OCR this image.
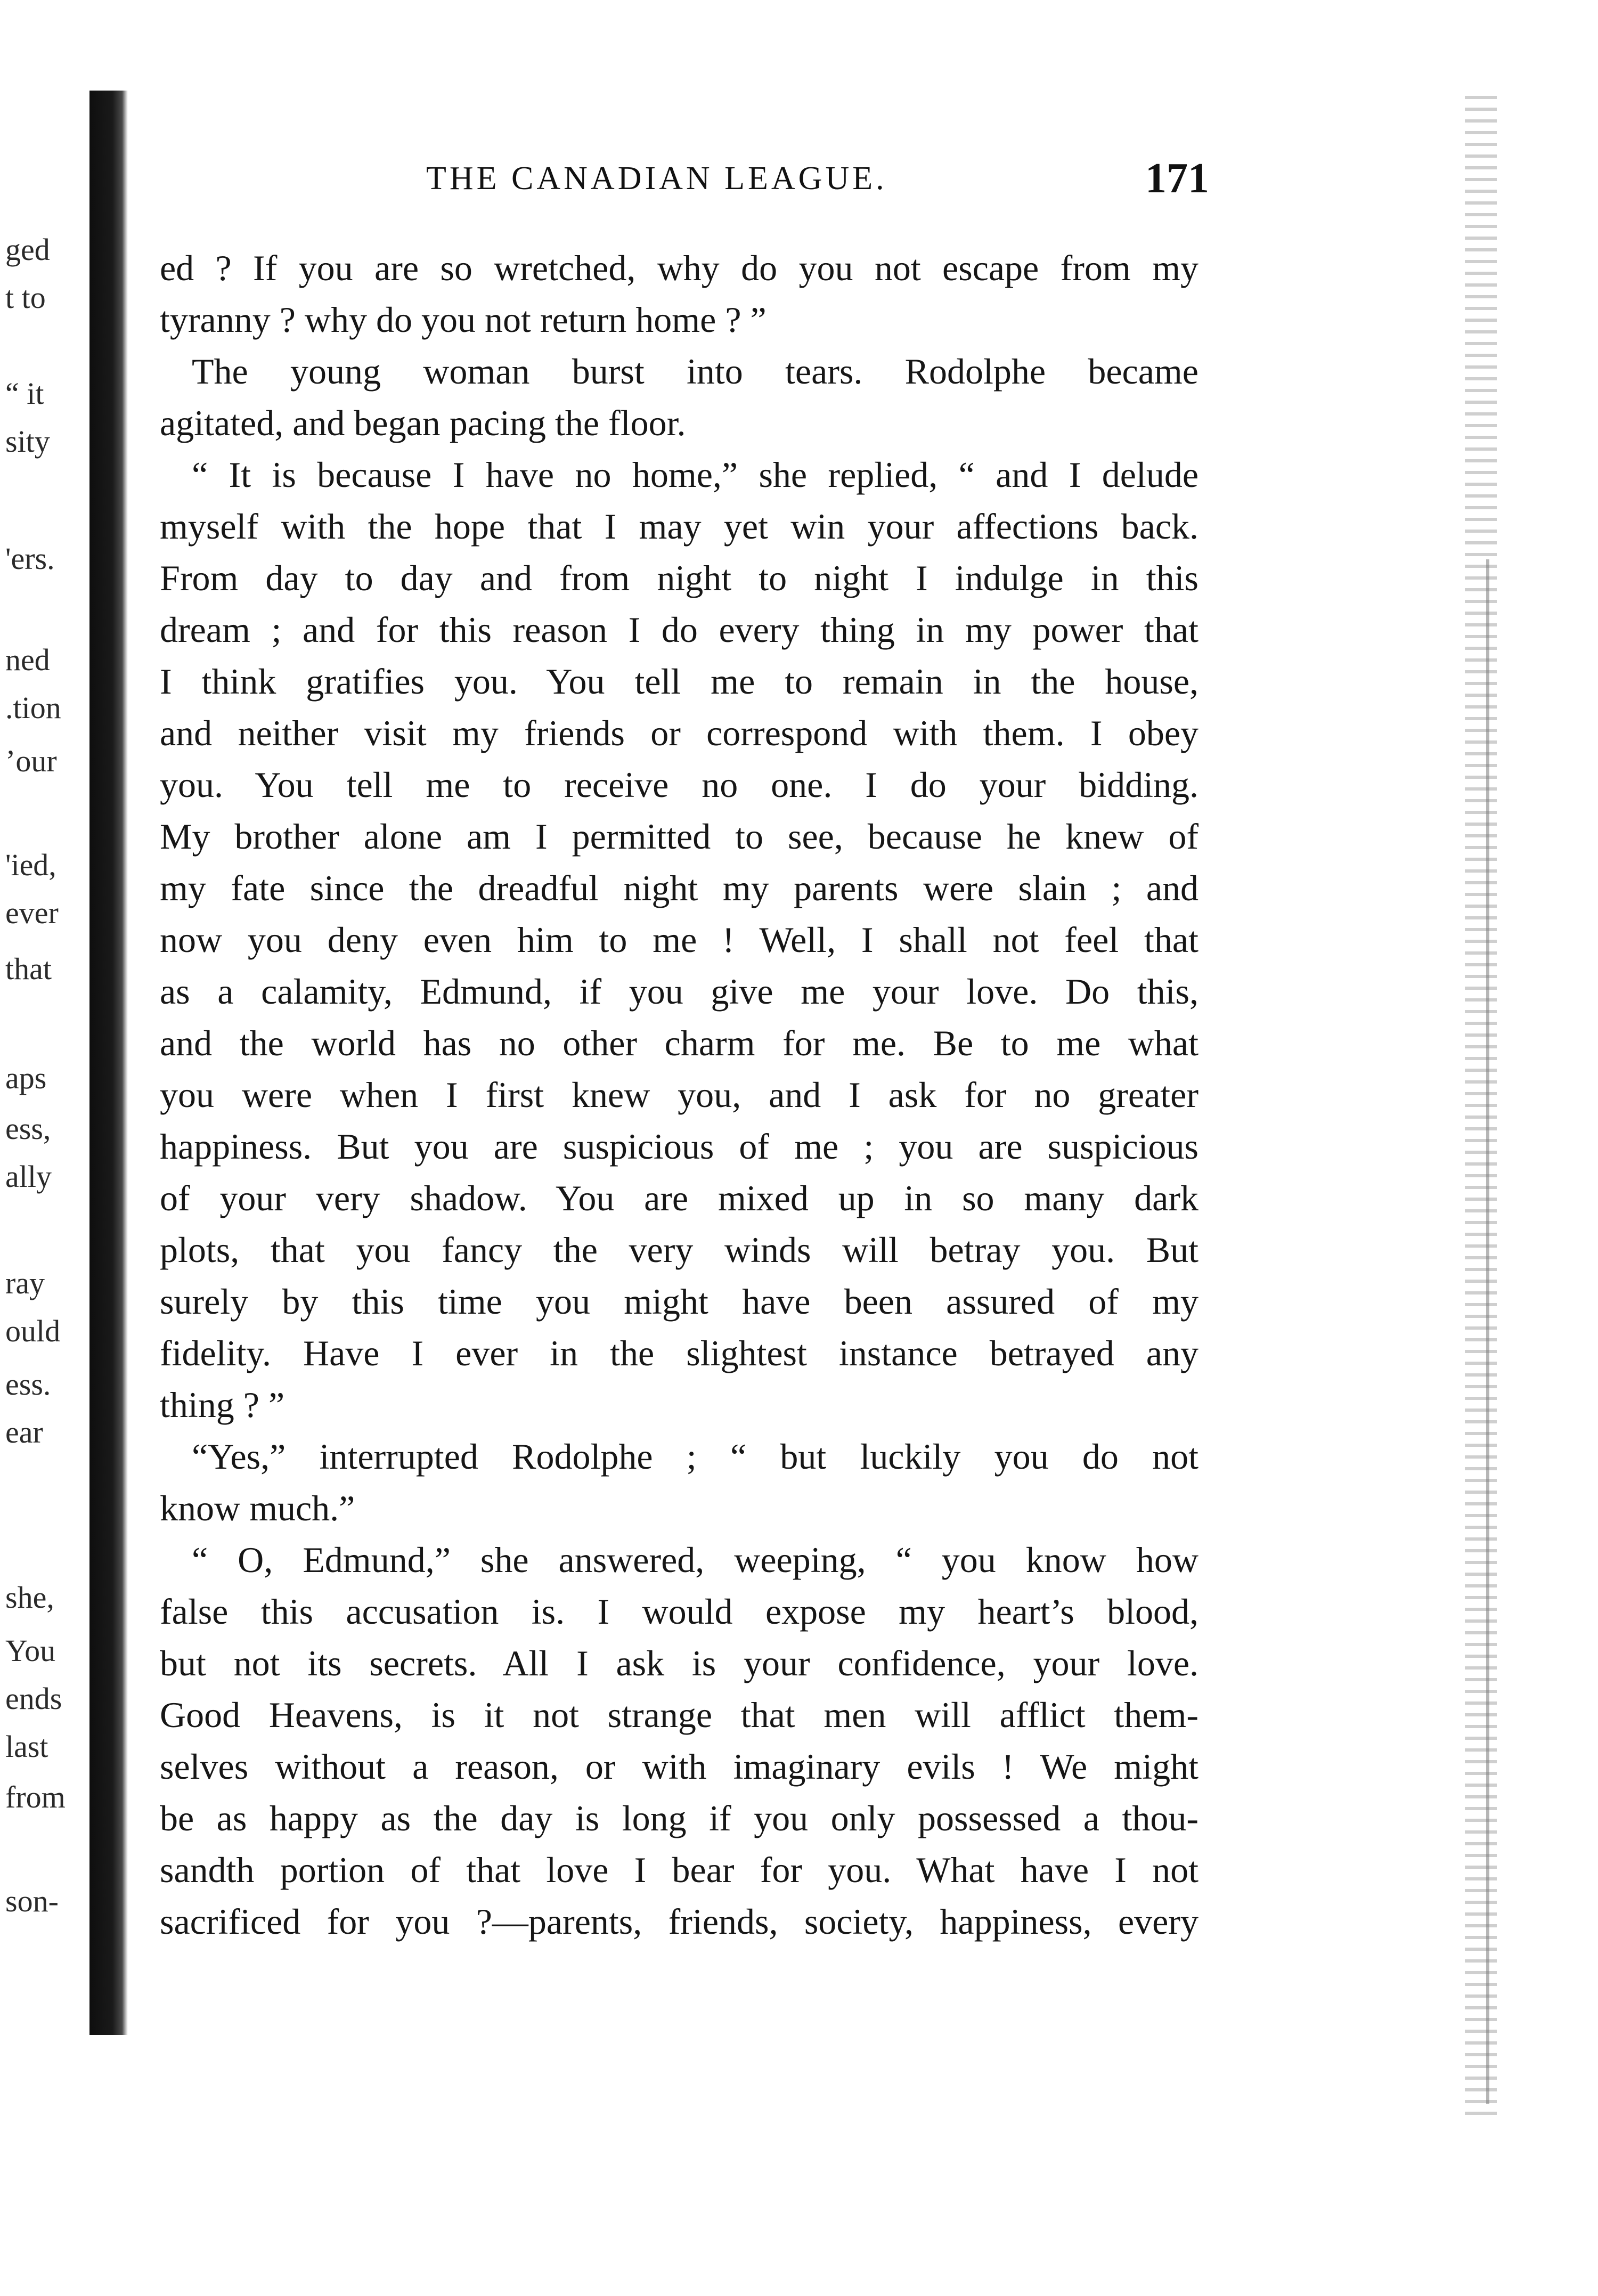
ged
t to
“ it
sity
'ers.
ned
.tion
’our
'ied,
ever
that
aps
ess,
ally
ray
ould
ess.
ear
she,
You
ends
last
from
son-
THE CANADIAN LEAGUE.	171
ed ? If you are so wretched, why do you not escape from my
tyranny ? why do you not return home ? ”
The young woman burst into tears. Rodolphe became
agitated, and began pacing the floor.
“ It is because I have no home,” she replied, “ and I delude
myself with the hope that I may yet win your affections back.
From day to day and from night to night I indulge in this
dream ; and for this reason I do every thing in my power that
I think gratifies you. You tell me to remain in the house,
and neither visit my friends or correspond with them. I obey
you. You tell me to receive no one. I do your bidding.
My brother alone am I permitted to see, because he knew of
my fate since the dreadful night my parents were slain ; and
now you deny even him to me ! Well, I shall not feel that
as a calamity, Edmund, if you give me your love. Do this,
and the world has no other charm for me. Be to me what
you were when I first knew you, and I ask for no greater
happiness. But you are suspicious of me ; you are suspicious
of your very shadow. You are mixed up in so many dark
plots, that you fancy the very winds will betray you. But
surely by this time you might have been assured of my
fidelity. Have I ever in the slightest instance betrayed any
thing ? ”
“Yes,” interrupted Rodolphe ; “ but luckily you do not
know much.”
“ O, Edmund,” she answered, weeping, “ you know how
false this accusation is. I would expose my heart’s blood,
but not its secrets. All I ask is your confidence, your love.
Good Heavens, is it not strange that men will afflict them-
selves without a reason, or with imaginary evils ! We might
be as happy as the day is long if you only possessed a thou-
sandth portion of that love I bear for you. What have I not
sacrificed for you ?—parents, friends, society, happiness, every
